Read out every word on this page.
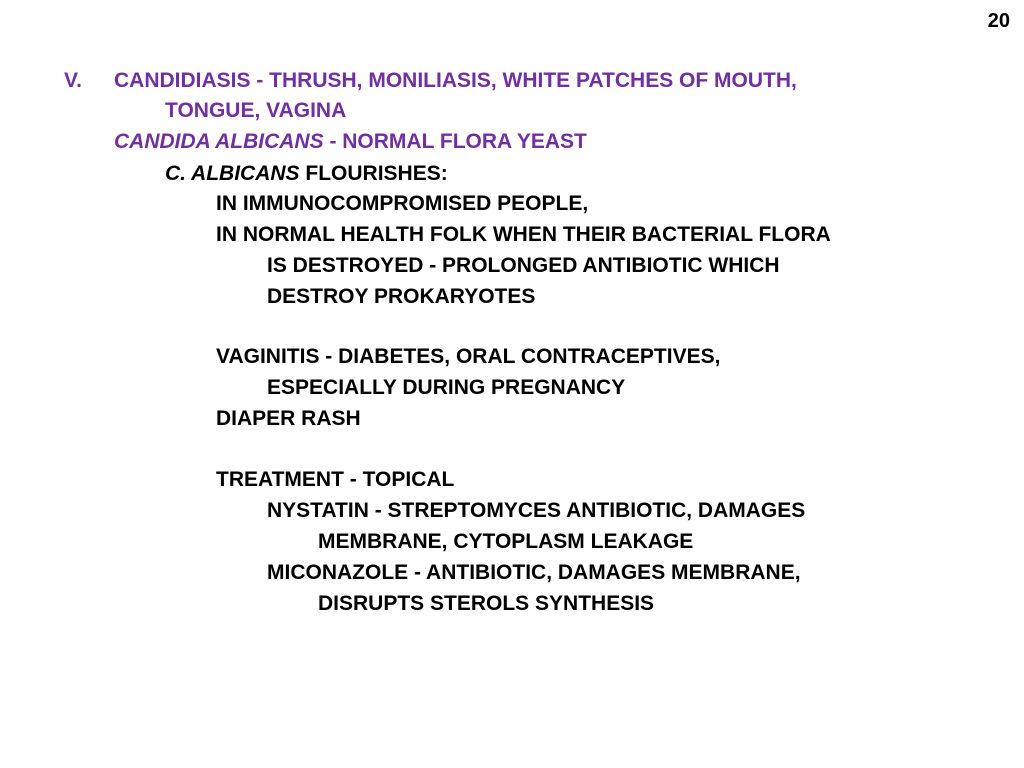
20
V. CANDIDIASIS - THRUSH, MONILIASIS, WHITE PATCHES OF MOUTH,
TONGUE, VAGINA
CANDIDA ALBICANS - NORMAL FLORA YEAST
C. ALBICANS FLOURISHES:
IN IMMUNOCOMPROMISED PEOPLE,
IN NORMAL HEALTH FOLK WHEN THEIR BACTERIAL FLORA
IS DESTROYED - PROLONGED ANTIBIOTIC WHICH
DESTROY PROKARYOTES
VAGINITIS - DIABETES, ORAL CONTRACEPTIVES,
ESPECIALLY DURING PREGNANCY
DIAPER RASH
TREATMENT - TOPICAL
NYSTATIN - STREPTOMYCES ANTIBIOTIC, DAMAGES
MEMBRANE, CYTOPLASM LEAKAGE
MICONAZOLE - ANTIBIOTIC, DAMAGES MEMBRANE,
DISRUPTS STEROLS SYNTHESIS
